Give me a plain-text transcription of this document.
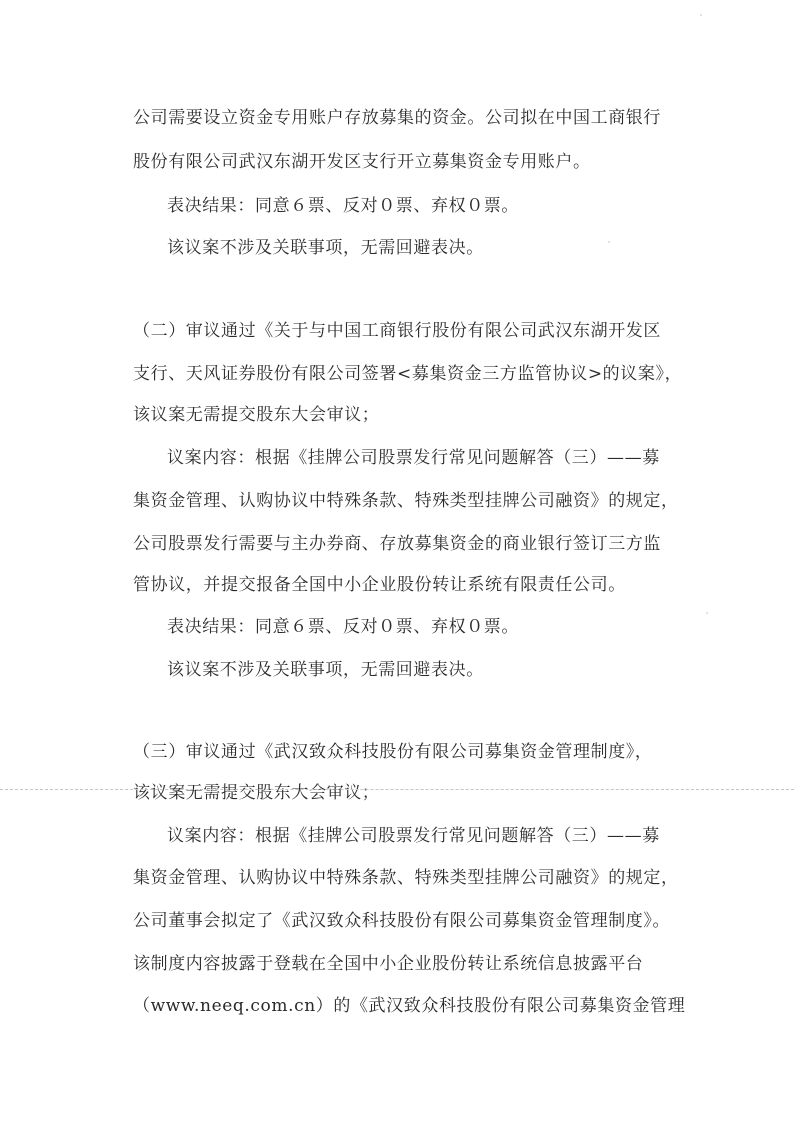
公司需要设立资金专用账户存放募集的资金。公司拟在中国工商银行
股份有限公司武汉东湖开发区支行开立募集资金专用账户。
表决结果：同意６票、反对０票、弃权０票。
该议案不涉及关联事项，无需回避表决。
（二）审议通过《关于与中国工商银行股份有限公司武汉东湖开发区
支行、天风证券股份有限公司签署<募集资金三方监管协议>的议案》，
该议案无需提交股东大会审议；
议案内容：根据《挂牌公司股票发行常见问题解答（三）——募
集资金管理、认购协议中特殊条款、特殊类型挂牌公司融资》的规定，
公司股票发行需要与主办券商、存放募集资金的商业银行签订三方监
管协议，并提交报备全国中小企业股份转让系统有限责任公司。
表决结果：同意６票、反对０票、弃权０票。
该议案不涉及关联事项，无需回避表决。
（三）审议通过《武汉致众科技股份有限公司募集资金管理制度》，
该议案无需提交股东大会审议；
议案内容：根据《挂牌公司股票发行常见问题解答（三）——募
集资金管理、认购协议中特殊条款、特殊类型挂牌公司融资》的规定，
公司董事会拟定了《武汉致众科技股份有限公司募集资金管理制度》。
该制度内容披露于登载在全国中小企业股份转让系统信息披露平台
（www.neeq.com.cn）的《武汉致众科技股份有限公司募集资金管理
